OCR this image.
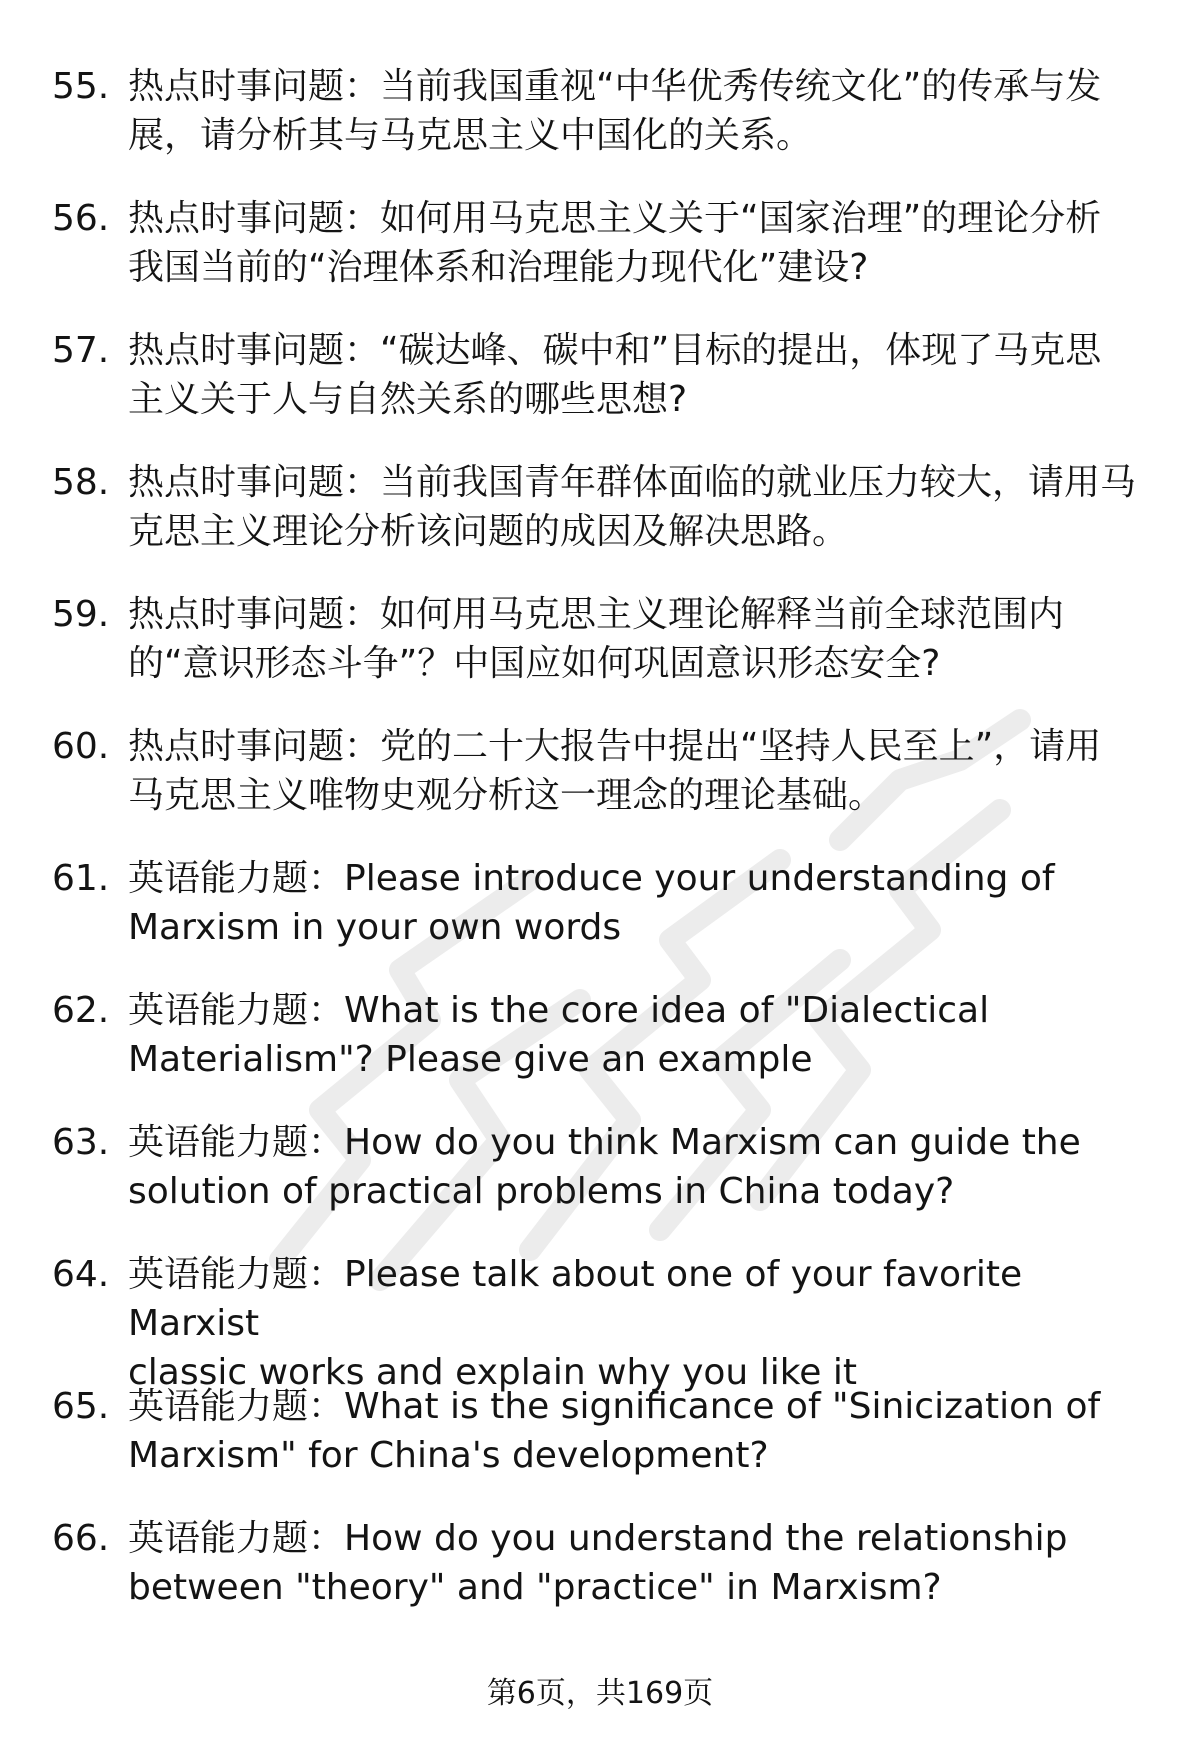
55. 热点时事问题：当前我国重视“中华优秀传统文化”的传承与发
展，请分析其与马克思主义中国化的关系。
56. 热点时事问题：如何用马克思主义关于“国家治理”的理论分析
我国当前的“治理体系和治理能力现代化”建设?
57. 热点时事问题：“碳达峰、碳中和”目标的提出，体现了马克思
主义关于人与自然关系的哪些思想?
58. 热点时事问题：当前我国青年群体面临的就业压力较大，请用马
克思主义理论分析该问题的成因及解决思路。
59. 热点时事问题：如何用马克思主义理论解释当前全球范围内
的“意识形态斗争”？中国应如何巩固意识形态安全?
60. 热点时事问题：党的二十大报告中提出“坚持人民至上”，请用
马克思主义唯物史观分析这一理念的理论基础。
61. 英语能力题：Please introduce your understanding of
Marxism in your own words
62. 英语能力题：What is the core idea of "Dialectical
Materialism"? Please give an example
63. 英语能力题：How do you think Marxism can guide the
solution of practical problems in China today?
64. 英语能力题：Please talk about one of your favorite Marxist
classic works and explain why you like it
65. 英语能力题：What is the significance of "Sinicization of
Marxism" for China's development?
66. 英语能力题：How do you understand the relationship
between "theory" and "practice" in Marxism?
第6页，共169页
